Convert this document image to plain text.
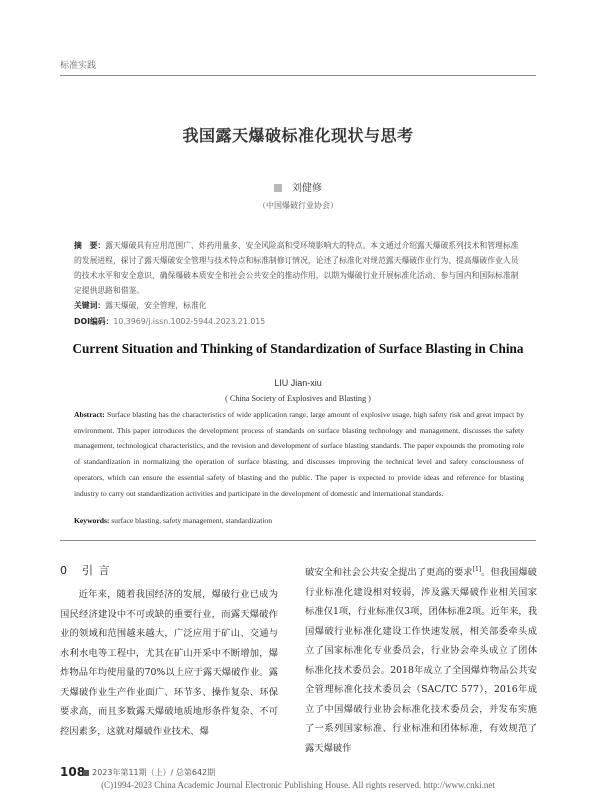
标准实践
我国露天爆破标准化现状与思考
刘健修
（中国爆破行业协会）
摘　要：露天爆破具有应用范围广、炸药用量多、安全风险高和受环境影响大的特点。本文通过介绍露天爆破系列技术和管理标准的发展进程，探讨了露天爆破安全管理与技术特点和标准制修订情况，论述了标准化对规范露天爆破作业行为、提高爆破作业人员的技术水平和安全意识、确保爆破本质安全和社会公共安全的推动作用，以期为爆破行业开展标准化活动、参与国内和国际标准制定提供思路和借鉴。
关键词：露天爆破，安全管理，标准化
DOI编码：10.3969/j.issn.1002-5944.2023.21.015
Current Situation and Thinking of Standardization of Surface Blasting in China
LIU Jian-xiu
( China Society of Explosives and Blasting )
Abstract: Surface blasting has the characteristics of wide application range, large amount of explosive usage, high safety risk and great impact by environment. This paper introduces the development process of standards on surface blasting technology and management, discusses the safety management, technological characteristics, and the revision and development of surface blasting standards. The paper expounds the promoting role of standardization in normalizing the operation of surface blasting, and discusses improving the technical level and safety consciousness of operators, which can ensure the essential safety of blasting and the public. The paper is expected to provide ideas and reference for blasting industry to carry out standardization activities and participate in the development of domestic and international standards.
Keywords: surface blasting, safety management, standardization
0 引 言

近年来，随着我国经济的发展，爆破行业已成为国民经济建设中不可或缺的重要行业，而露天爆破作业的领域和范围越来越大，广泛应用于矿山、交通与水利水电等工程中，尤其在矿山开采中不断增加，爆炸物品年均使用量的70%以上应于露天爆破作业。露天爆破作业生产作业面广、环节多、操作复杂、环保要求高，而且多数露天爆破地质地形条件复杂、不可控因素多，这就对爆破作业技术、爆

破安全和社会公共安全提出了更高的要求[1]。但我国爆破行业标准化建设相对较弱，涉及露天爆破作业相关国家标准仅1项，行业标准仅3项，团体标准2项。近年来，我国爆破行业标准化建设工作快速发展，相关部委牵头成立了国家标准化专业委员会，行业协会牵头成立了团体标准化技术委员会。2018年成立了全国爆炸物品公共安全管理标准化技术委员会（SAC/TC 577），2016年成立了中国爆破行业协会标准化技术委员会，并发布实施了一系列国家标准、行业标准和团体标准，有效规范了露天爆破作

108
■ 2023年第11期（上）/ 总第642期
(C)1994-2023 China Academic Journal Electronic Publishing House. All rights reserved. http://www.cnki.net
